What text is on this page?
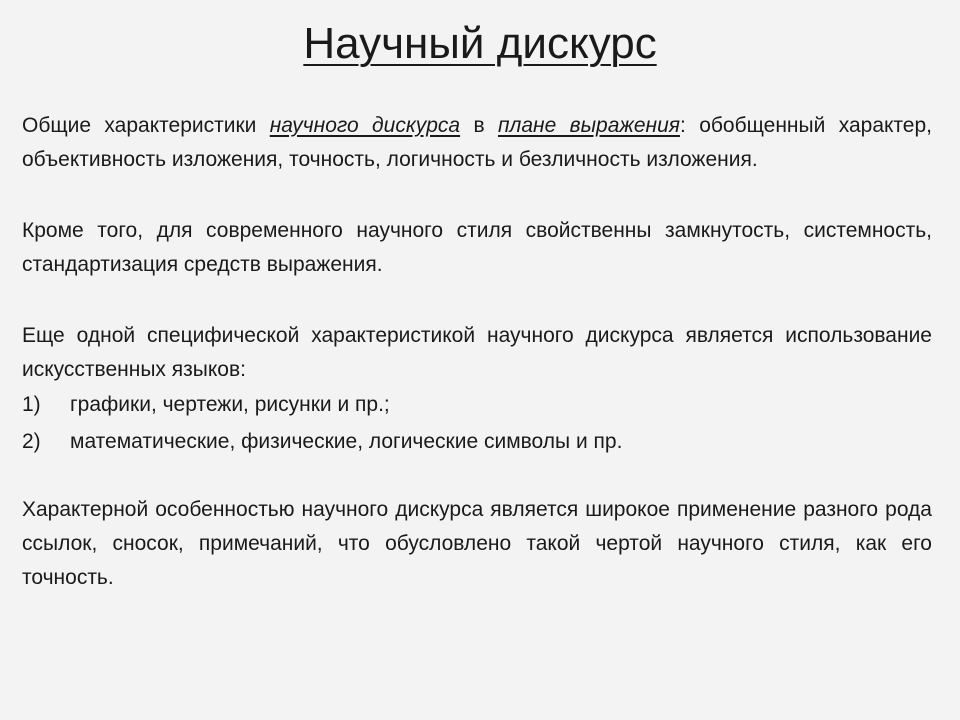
Научный дискурс

Общие характеристики научного дискурса в плане выражения: обобщенный характер, объективность изложения, точность, логичность и безличность изложения.

Кроме того, для современного научного стиля свойственны замкнутость, системность, стандартизация средств выражения.

Еще одной специфической характеристикой научного дискурса является использование искусственных языков:

1)	графики, чертежи, рисунки и пр.;
2)	математические, физические, логические символы и пр.

Характерной особенностью научного дискурса является широкое применение разного рода ссылок, сносок, примечаний, что обусловлено такой чертой научного стиля, как его точность.
